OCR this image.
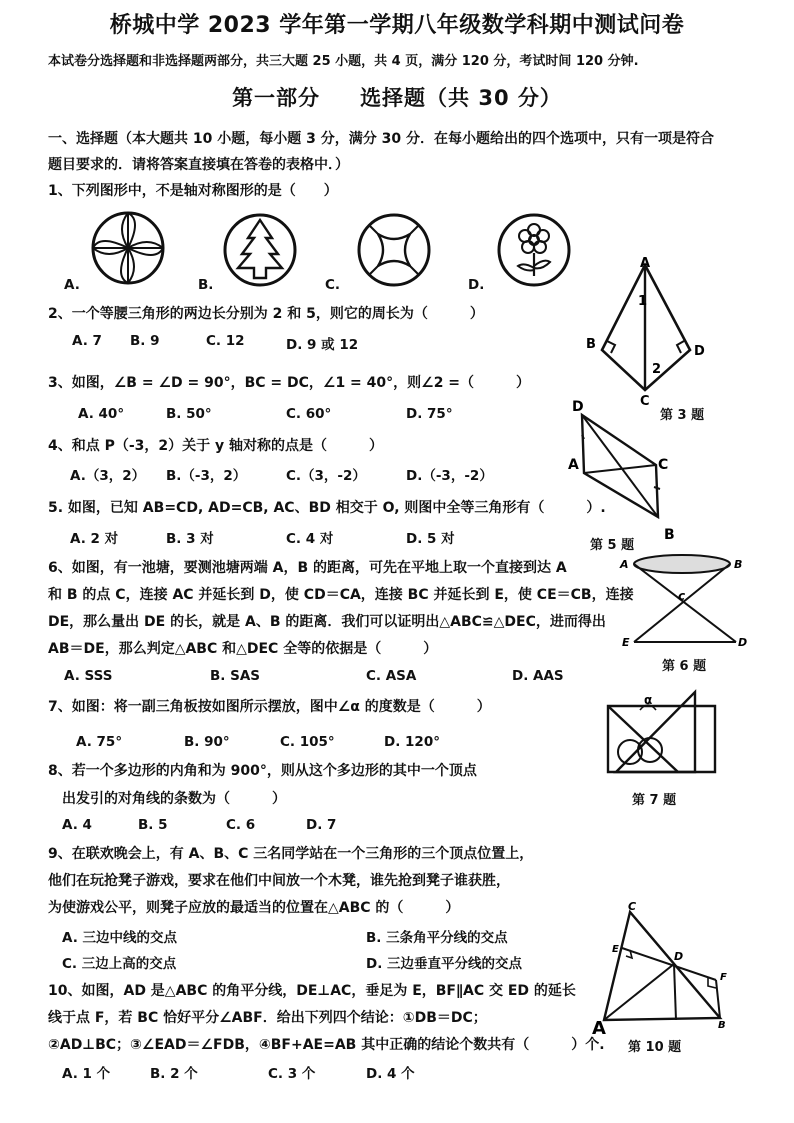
桥城中学 2023 学年第一学期八年级数学科期中测试问卷
本试卷分选择题和非选择题两部分，共三大题 25 小题，共 4 页，满分 120 分，考试时间 120 分钟.
第一部分 选择题（共 30 分）
一、选择题（本大题共 10 小题，每小题 3 分，满分 30 分．在每小题给出的四个选项中，只有一项是符合
题目要求的．请将答案直接填在答卷的表格中．）
1、下列图形中，不是轴对称图形的是（　　）
A.	B.	C.	D.
A
B
C
D
1
2
第 3 题
2、一个等腰三角形的两边长分别为 2 和 5，则它的周长为（　　　）
A. 7 B. 9	C. 12	D. 9 或 12
3、如图，∠B = ∠D = 90°，BC = DC，∠1 = 40°，则∠2 =（　　　）
A. 40°	B. 50°	C. 60°	D. 75°
4、和点 P（-3，2）关于 y 轴对称的点是（　　　）
A.（3，2） B.（-3，2）	C.（3，-2）	D.（-3，-2）
D
A	C
B
第 5 题
5. 如图，已知 AB=CD, AD=CB, AC、BD 相交于 O, 则图中全等三角形有（　　　）.
A. 2 对	B. 3 对	C. 4 对	D. 5 对
6、如图，有一池塘，要测池塘两端 A，B 的距离，可先在平地上取一个直接到达 A
和 B 的点 C，连接 AC 并延长到 D，使 CD＝CA，连接 BC 并延长到 E，使 CE＝CB，连接
DE，那么量出 DE 的长，就是 A、B 的距离．我们可以证明出△ABC≌△DEC，进而得出
AB＝DE，那么判定△ABC 和△DEC 全等的依据是（　　　）
A. SSS	B. SAS	C. ASA	D. AAS
A	B
c
E	D
第 6 题
7、如图：将一副三角板按如图所示摆放，图中∠α 的度数是（　　　）
A. 75°	B. 90°	C. 105°	D. 120°
α
第 7 题
8、若一个多边形的内角和为 900°，则从这个多边形的其中一个顶点
出发引的对角线的条数为（　　　）
A. 4	B. 5	C. 6	D. 7
9、在联欢晚会上，有 A、B、C 三名同学站在一个三角形的三个顶点位置上，
他们在玩抢凳子游戏，要求在他们中间放一个木凳，谁先抢到凳子谁获胜，
为使游戏公平，则凳子应放的最适当的位置在△ABC 的（　　　）
A. 三边中线的交点	B. 三条角平分线的交点
C. 三边上高的交点	D. 三边垂直平分线的交点
10、如图，AD 是△ABC 的角平分线，DE⊥AC，垂足为 E，BF∥AC 交 ED 的延长
线于点 F，若 BC 恰好平分∠ABF．给出下列四个结论：①DB＝DC；
②AD⊥BC；③∠EAD＝∠FDB，④BF+AE=AB 其中正确的结论个数共有（　　　）个.
A. 1 个	B. 2 个	C. 3 个	D. 4 个
C
E
D
F
A	B
第 10 题
